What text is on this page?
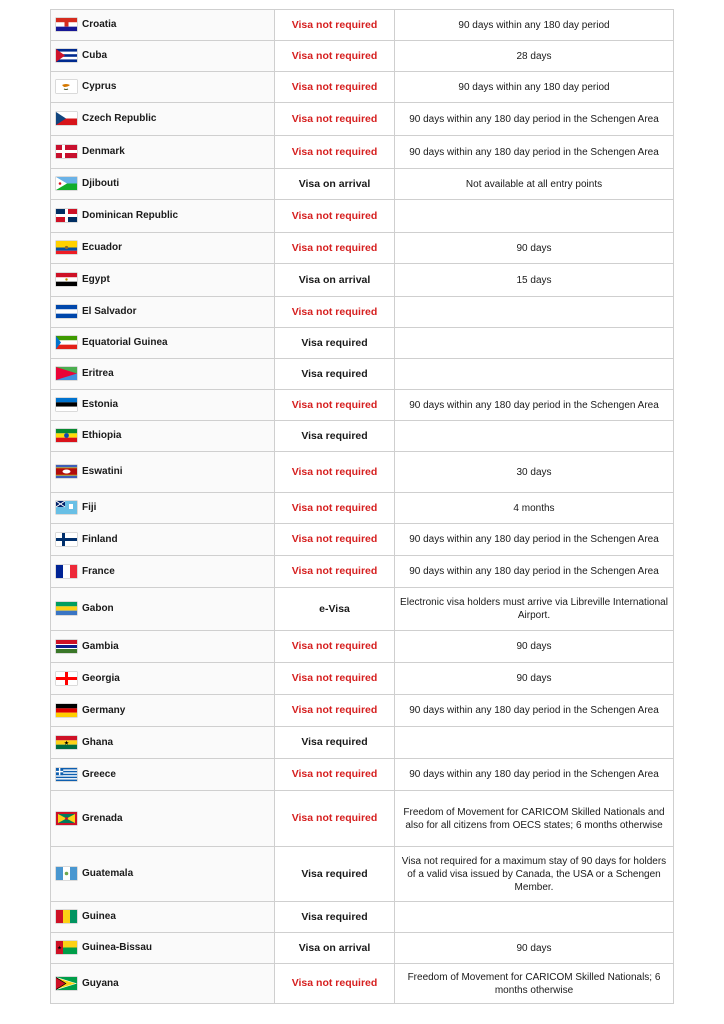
Croatia	Visa not required	90 days within any 180 day period

Cuba	Visa not required	28 days

Cyprus	Visa not required	90 days within any 180 day period

Czech Republic	Visa not required	90 days within any 180 day period in the Schengen Area

Denmark	Visa not required	90 days within any 180 day period in the Schengen Area

Djibouti	Visa on arrival	Not available at all entry points

Dominican Republic	Visa not required	

Ecuador	Visa not required	90 days

Egypt	Visa on arrival	15 days

El Salvador	Visa not required	

Equatorial Guinea	Visa required	

Eritrea	Visa required	

Estonia	Visa not required	90 days within any 180 day period in the Schengen Area

Ethiopia	Visa required	

Eswatini	Visa not required	30 days

Fiji	Visa not required	4 months

Finland	Visa not required	90 days within any 180 day period in the Schengen Area

France	Visa not required	90 days within any 180 day period in the Schengen Area

Gabon	e-Visa	Electronic visa holders must arrive via Libreville International Airport.

Gambia	Visa not required	90 days

Georgia	Visa not required	90 days

Germany	Visa not required	90 days within any 180 day period in the Schengen Area

Ghana	Visa required	

Greece	Visa not required	90 days within any 180 day period in the Schengen Area

Grenada	Visa not required	Freedom of Movement for CARICOM Skilled Nationals and also for all citizens from OECS states; 6 months otherwise

Guatemala	Visa required	Visa not required for a maximum stay of 90 days for holders of a valid visa issued by Canada, the USA or a Schengen Member.

Guinea	Visa required	

Guinea-Bissau	Visa on arrival	90 days

Guyana	Visa not required	Freedom of Movement for CARICOM Skilled Nationals; 6 months otherwise
